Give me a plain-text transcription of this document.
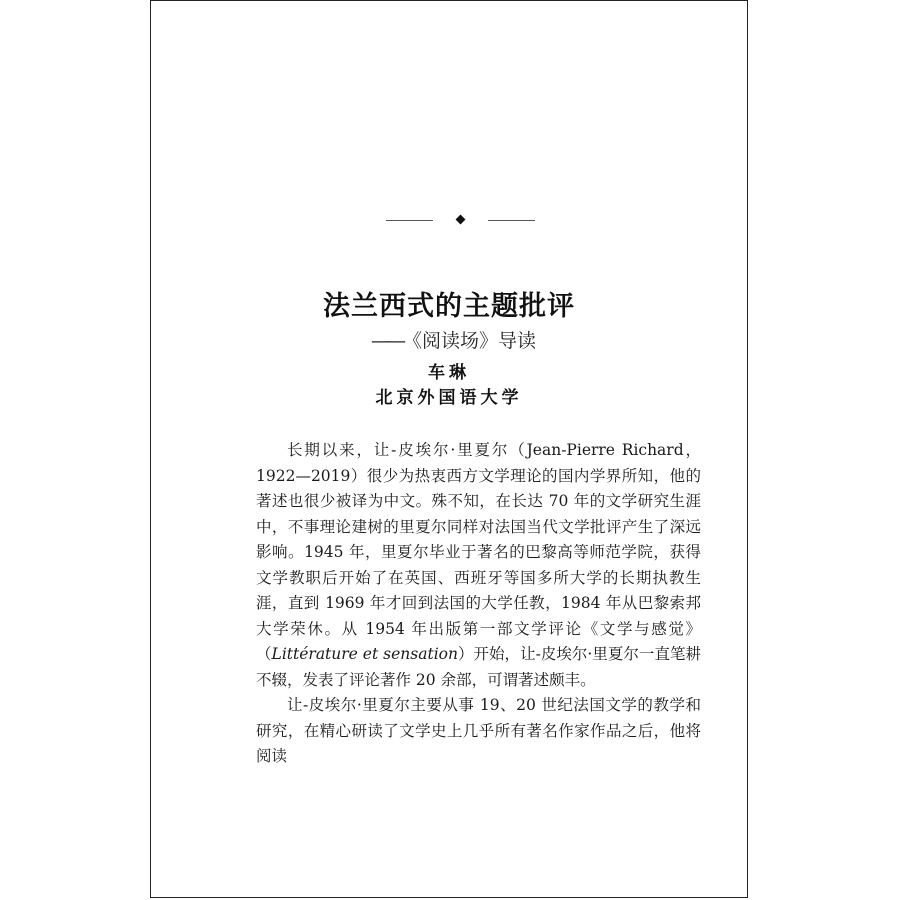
法兰西式的主题批评
——《阅读场》导读
车琳
北京外国语大学

长期以来，让-皮埃尔·里夏尔（Jean-Pierre Richard，1922—2019）很少为热衷西方文学理论的国内学界所知，他的著述也很少被译为中文。殊不知，在长达 70 年的文学研究生涯中，不事理论建树的里夏尔同样对法国当代文学批评产生了深远影响。1945 年，里夏尔毕业于著名的巴黎高等师范学院，获得文学教职后开始了在英国、西班牙等国多所大学的长期执教生涯，直到 1969 年才回到法国的大学任教，1984 年从巴黎索邦大学荣休。从 1954 年出版第一部文学评论《文学与感觉》（Littérature et sensation）开始，让-皮埃尔·里夏尔一直笔耕不辍，发表了评论著作 20 余部，可谓著述颇丰。

让-皮埃尔·里夏尔主要从事 19、20 世纪法国文学的教学和研究，在精心研读了文学史上几乎所有著名作家作品之后，他将阅读
